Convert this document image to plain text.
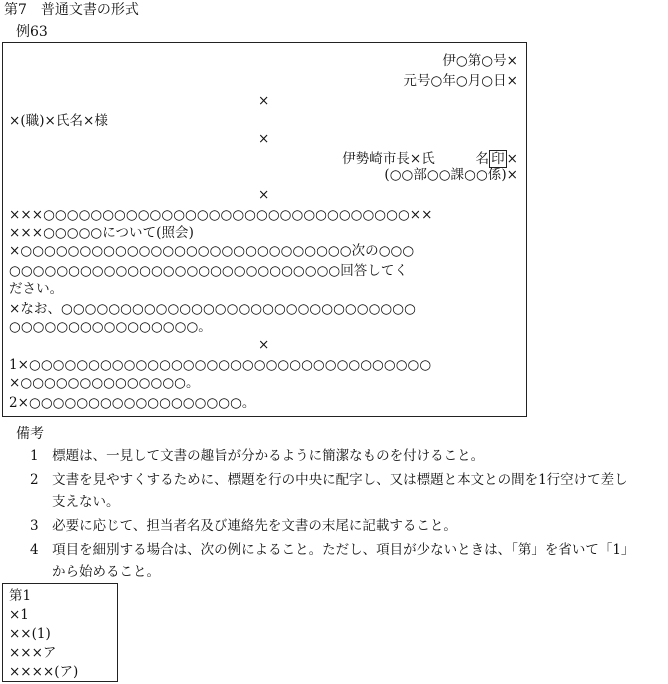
第7　普通文書の形式
例63
伊○第○号×
元号○年○月○日×
×
×(職)×氏名×様
×
伊勢崎市長×氏　　　名 印 ×
(○○部○○課○○係)×
×
×××○○○○○○○○○○○○○○○○○○○○○○○○○○○○○○○××
×××○○○○○について(照会)
×○○○○○○○○○○○○○○○○○○○○○○○○○○○○次の○○○
○○○○○○○○○○○○○○○○○○○○○○○○○○○○回答してく
ださい。
×なお、○○○○○○○○○○○○○○○○○○○○○○○○○○○○○○
○○○○○○○○○○○○○○○○。
×
1×○○○○○○○○○○○○○○○○○○○○○○○○○○○○○○○○○○
×○○○○○○○○○○○○○○。
2×○○○○○○○○○○○○○○○○○○。
備考
1　 標題は、一見して文書の趣旨が分かるように簡潔なものを付けること。
2　 文書を見やすくするために、標題を行の中央に配字し、又は標題と本文との間を1行空けて差し
支えない。
3　 必要に応じて、担当者名及び連絡先を文書の末尾に記載すること。
4　 項目を細別する場合は、次の例によること。ただし、項目が少ないときは、「第」を省いて「1」
から始めること。
第1
×1
××(1)
×××ア
××××(ア)
